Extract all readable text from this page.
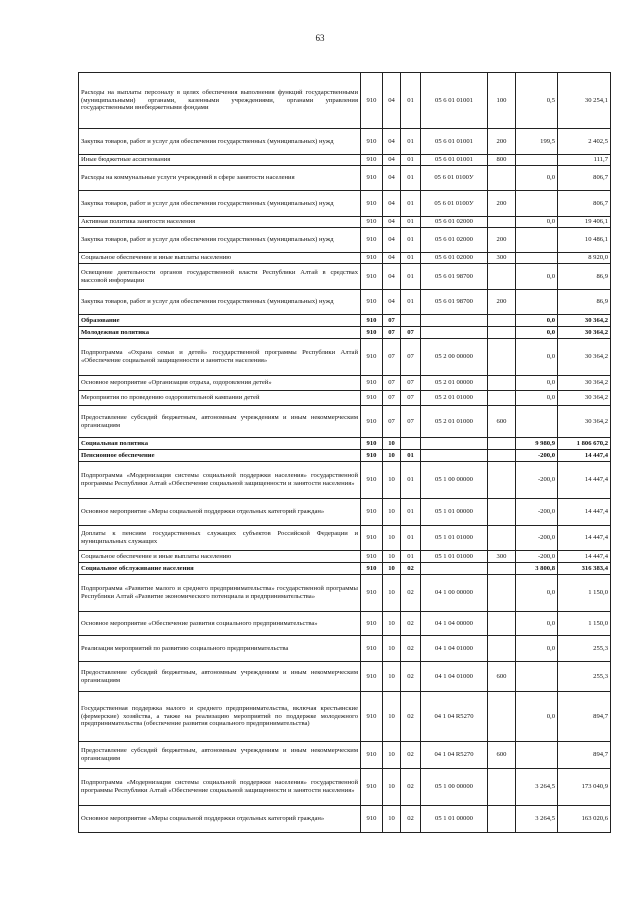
63
Расходы на выплаты персоналу в целях обеспечения выполнения функций государственными (муниципальными) органами, казенными учреждениями, органами управления государственными внебюджетными фондами	910	04	01	05 6 01 01001	100	0,5	30 254,1
Закупка товаров, работ и услуг для обеспечения государственных (муниципальных) нужд	910	04	01	05 6 01 01001	200	199,5	2 402,5
Иные бюджетные ассигнования	910	04	01	05 6 01 01001	800		111,7
Расходы на коммунальные услуги учреждений в сфере занятости населения	910	04	01	05 6 01 0100У		0,0	806,7
Закупка товаров, работ и услуг для обеспечения государственных (муниципальных) нужд	910	04	01	05 6 01 0100У	200		806,7
Активная политика занятости населения	910	04	01	05 6 01 02000		0,0	19 406,1
Закупка товаров, работ и услуг для обеспечения государственных (муниципальных) нужд	910	04	01	05 6 01 02000	200		10 486,1
Социальное обеспечение и иные выплаты населению	910	04	01	05 6 01 02000	300		8 920,0
Освещение деятельности органов государственной власти Республики Алтай в средствах массовой информации	910	04	01	05 6 01 98700		0,0	86,9
Закупка товаров, работ и услуг для обеспечения государственных (муниципальных) нужд	910	04	01	05 6 01 98700	200		86,9
Образование	910	07				0,0	30 364,2
Молодежная политика	910	07	07			0,0	30 364,2
Подпрограмма «Охрана семьи и детей» государственной программы Республики Алтай «Обеспечение социальной защищенности и занятости населения»	910	07	07	05 2 00 00000		0,0	30 364,2
Основное мероприятие «Организация отдыха, оздоровления детей»	910	07	07	05 2 01 00000		0,0	30 364,2
Мероприятия по проведению оздоровительной кампании детей	910	07	07	05 2 01 01000		0,0	30 364,2
Предоставление субсидий бюджетным, автономным учреждениям и иным некоммерческим организациям	910	07	07	05 2 01 01000	600		30 364,2
Социальная политика	910	10				9 980,9	1 806 670,2
Пенсионное обеспечение	910	10	01			-200,0	14 447,4
Подпрограмма «Модернизация системы социальной поддержки населения» государственной программы Республики Алтай «Обеспечение социальной защищенности и занятости населения»	910	10	01	05 1 00 00000		-200,0	14 447,4
Основное мероприятие «Меры социальной поддержки отдельных категорий граждан»	910	10	01	05 1 01 00000		-200,0	14 447,4
Доплаты к пенсиям государственных служащих субъектов Российской Федерации и муниципальных служащих	910	10	01	05 1 01 01000		-200,0	14 447,4
Социальное обеспечение и иные выплаты населению	910	10	01	05 1 01 01000	300	-200,0	14 447,4
Социальное обслуживание населения	910	10	02			3 800,8	316 383,4
Подпрограмма «Развитие малого и среднего предпринимательства» государственной программы Республики Алтай «Развитие экономического потенциала и предпринимательства»	910	10	02	04 1 00 00000		0,0	1 150,0
Основное мероприятие «Обеспечение развития социального предпринимательства»	910	10	02	04 1 04 00000		0,0	1 150,0
Реализация мероприятий по развитию социального предпринимательства	910	10	02	04 1 04 01000		0,0	255,3
Предоставление субсидий бюджетным, автономным учреждениям и иным некоммерческим организациям	910	10	02	04 1 04 01000	600		255,3
Государственная поддержка малого и среднего предпринимательства, включая крестьянские (фермерские) хозяйства, а также на реализацию мероприятий по поддержке молодежного предпринимательства (обеспечение развития социального предпринимательства)	910	10	02	04 1 04 R5270		0,0	894,7
Предоставление субсидий бюджетным, автономным учреждениям и иным некоммерческим организациям	910	10	02	04 1 04 R5270	600		894,7
Подпрограмма «Модернизация системы социальной поддержки населения» государственной программы Республики Алтай «Обеспечение социальной защищенности и занятости населения»	910	10	02	05 1 00 00000		3 264,5	173 040,9
Основное мероприятие «Меры социальной поддержки отдельных категорий граждан»	910	10	02	05 1 01 00000		3 264,5	163 020,6
